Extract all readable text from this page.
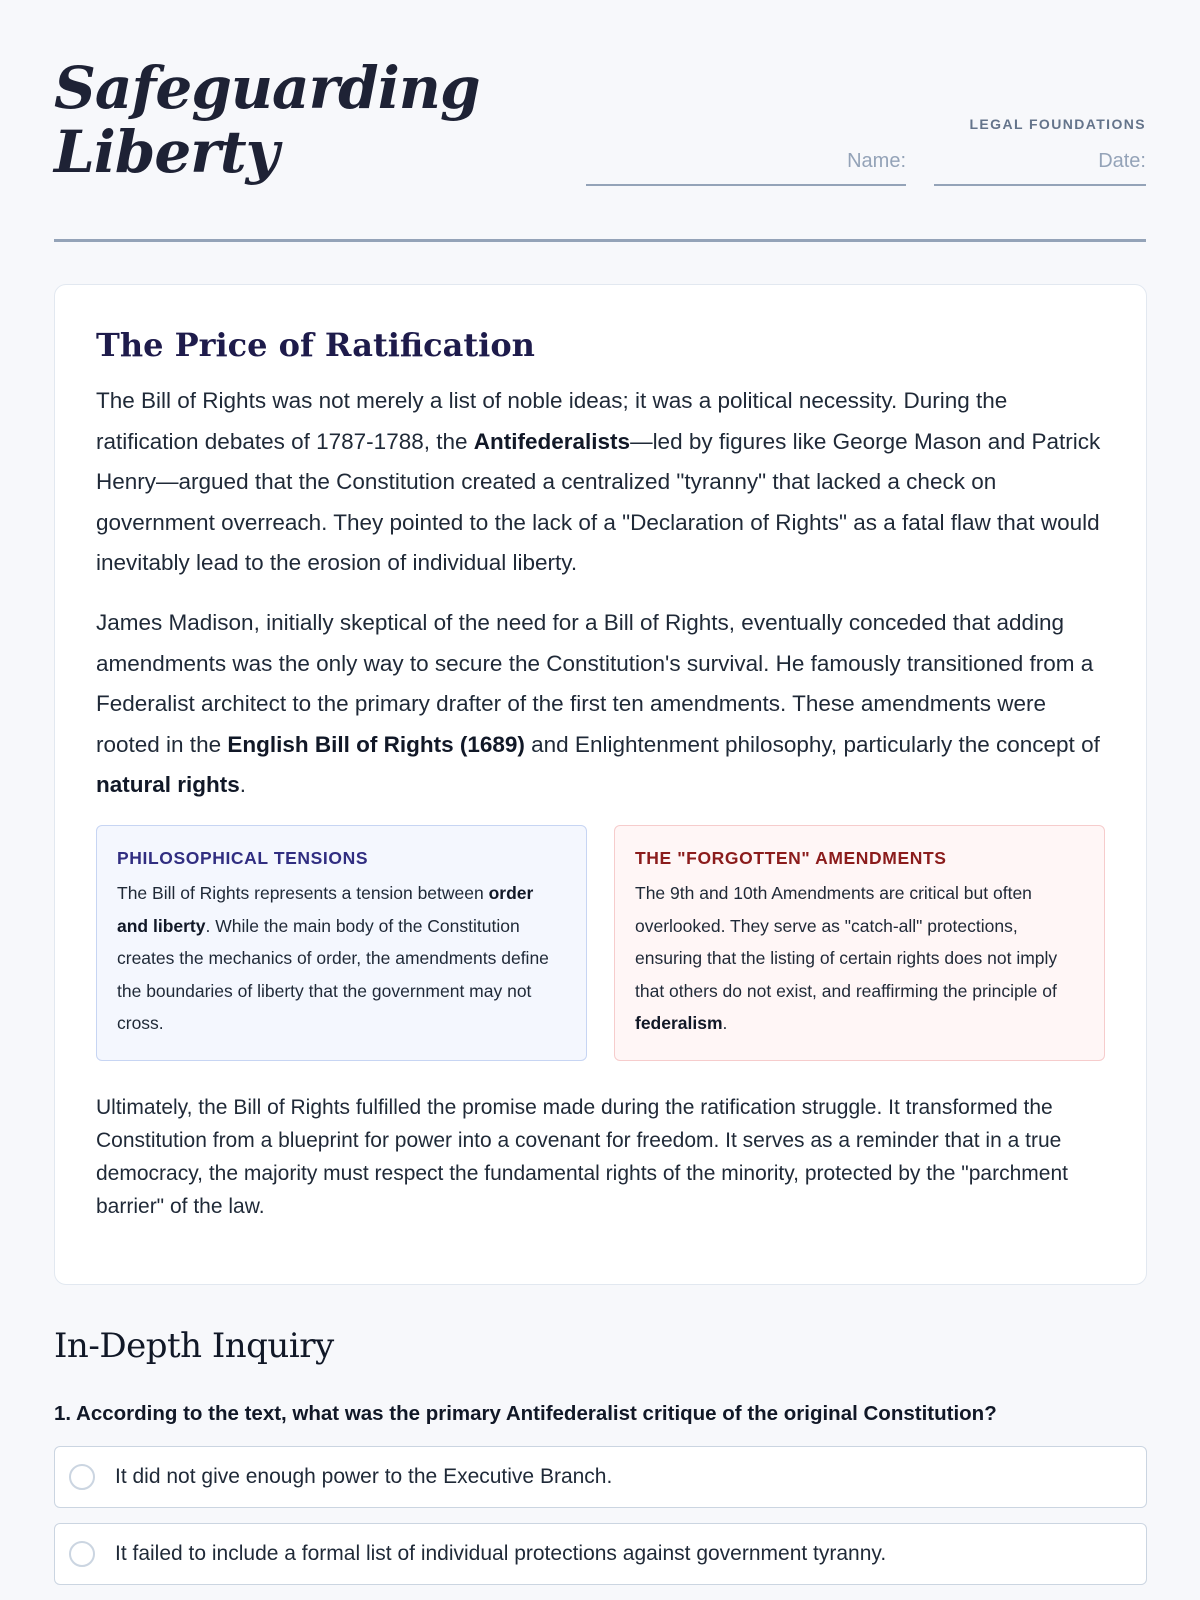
Safeguarding
Liberty	LEGAL FOUNDATIONS
Name:	Date:
The Price of Ratification

The Bill of Rights was not merely a list of noble ideas; it was a political necessity. During the ratification debates of 1787-1788, the Antifederalists—led by figures like George Mason and Patrick Henry—argued that the Constitution created a centralized "tyranny" that lacked a check on government overreach. They pointed to the lack of a "Declaration of Rights" as a fatal flaw that would inevitably lead to the erosion of individual liberty.

James Madison, initially skeptical of the need for a Bill of Rights, eventually conceded that adding amendments was the only way to secure the Constitution's survival. He famously transitioned from a Federalist architect to the primary drafter of the first ten amendments. These amendments were rooted in the English Bill of Rights (1689) and Enlightenment philosophy, particularly the concept of natural rights.

PHILOSOPHICAL TENSIONS
The Bill of Rights represents a tension between order and liberty. While the main body of the Constitution creates the mechanics of order, the amendments define the boundaries of liberty that the government may not cross.
THE "FORGOTTEN" AMENDMENTS
The 9th and 10th Amendments are critical but often overlooked. They serve as "catch-all" protections, ensuring that the listing of certain rights does not imply that others do not exist, and reaffirming the principle of federalism.

Ultimately, the Bill of Rights fulfilled the promise made during the ratification struggle. It transformed the Constitution from a blueprint for power into a covenant for freedom. It serves as a reminder that in a true democracy, the majority must respect the fundamental rights of the minority, protected by the "parchment barrier" of the law.

In-Depth Inquiry
1. According to the text, what was the primary Antifederalist critique of the original Constitution?
It did not give enough power to the Executive Branch.
It failed to include a formal list of individual protections against government tyranny.
